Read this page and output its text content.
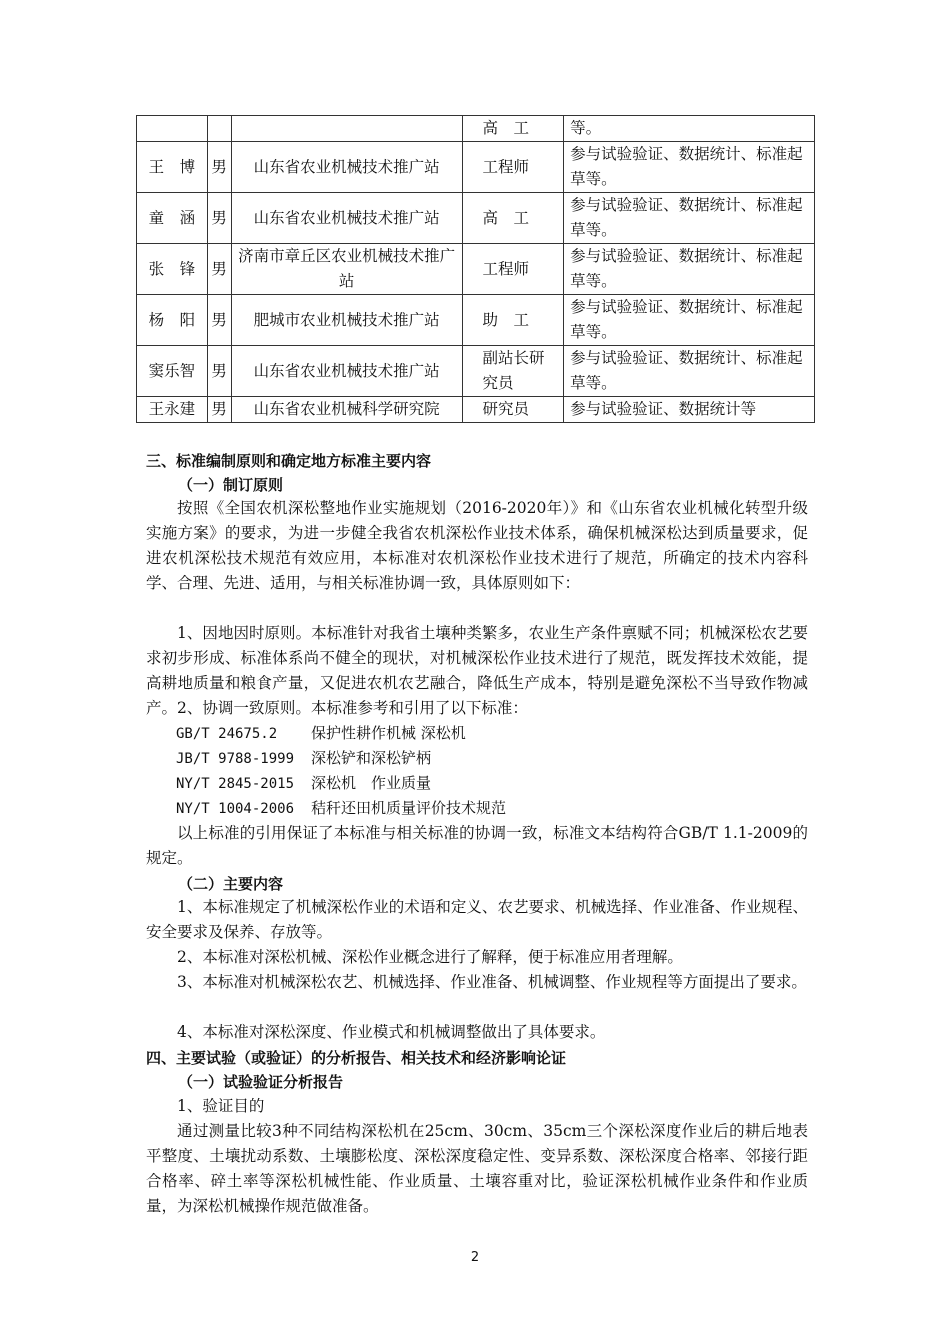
			高　工	等。
王　博	男	山东省农业机械技术推广站	工程师	参与试验验证、数据统计、标准起草等。
童　涵	男	山东省农业机械技术推广站	高　工	参与试验验证、数据统计、标准起草等。
张　锋	男	济南市章丘区农业机械技术推广站	工程师	参与试验验证、数据统计、标准起草等。
杨　阳	男	肥城市农业机械技术推广站	助　工	参与试验验证、数据统计、标准起草等。
窦乐智	男	山东省农业机械技术推广站	副站长研究员	参与试验验证、数据统计、标准起草等。
王永建	男	山东省农业机械科学研究院	研究员	参与试验验证、数据统计等
三、标准编制原则和确定地方标准主要内容
（一）制订原则
按照《全国农机深松整地作业实施规划（2016-2020年）》和《山东省农业机械化转型升级实施方案》的要求，为进一步健全我省农机深松作业技术体系，确保机械深松达到质量要求，促进农机深松技术规范有效应用，本标准对农机深松作业技术进行了规范，所确定的技术内容科学、合理、先进、适用，与相关标准协调一致，具体原则如下：
1、因地因时原则。本标准针对我省土壤种类繁多，农业生产条件禀赋不同；机械深松农艺要求初步形成、标准体系尚不健全的现状，对机械深松作业技术进行了规范，既发挥技术效能，提高耕地质量和粮食产量，又促进农机农艺融合，降低生产成本，特别是避免深松不当导致作物减产。 2、协调一致原则。本标准参考和引用了以下标准：
GB/T 24675.2 保护性耕作机械 深松机
JB/T 9788-1999 深松铲和深松铲柄
NY/T 2845-2015 深松机　作业质量
NY/T 1004-2006 秸秆还田机质量评价技术规范
以上标准的引用保证了本标准与相关标准的协调一致，标准文本结构符合GB/T 1.1-2009的规定。
（二）主要内容
1、本标准规定了机械深松作业的术语和定义、农艺要求、机械选择、作业准备、作业规程、安全要求及保养、存放等。
2、本标准对深松机械、深松作业概念进行了解释，便于标准应用者理解。
3、本标准对机械深松农艺、机械选择、作业准备、机械调整、作业规程等方面提出了要求。
4、本标准对深松深度、作业模式和机械调整做出了具体要求。
四、主要试验（或验证）的分析报告、相关技术和经济影响论证
（一）试验验证分析报告
1、验证目的
通过测量比较3种不同结构深松机在25cm、30cm、35cm三个深松深度作业后的耕后地表平整度、土壤扰动系数、土壤膨松度、深松深度稳定性、变异系数、深松深度合格率、邻接行距合格率、碎土率等深松机械性能、作业质量、土壤容重对比，验证深松机械作业条件和作业质量，为深松机械操作规范做准备。
2
